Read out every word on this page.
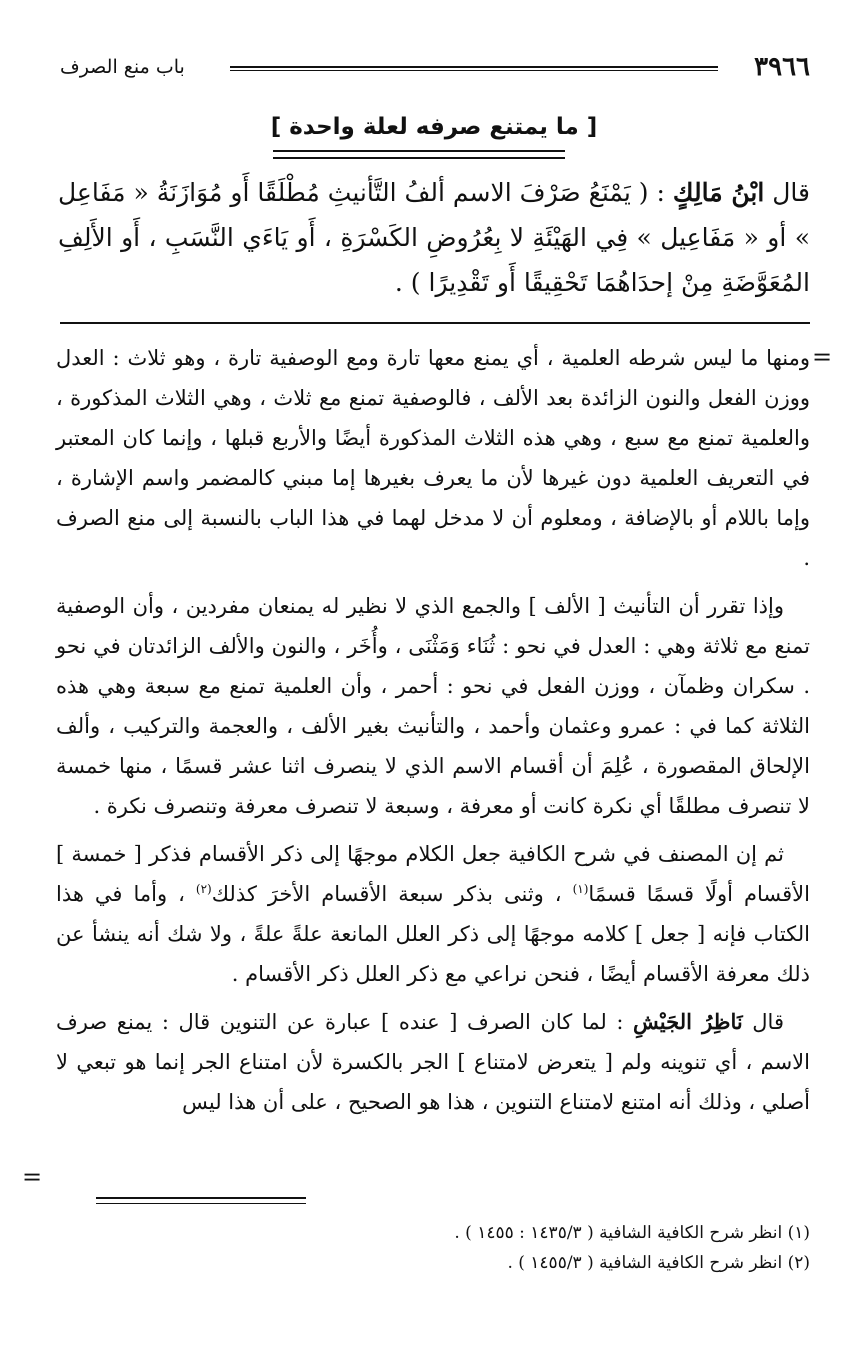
٣٩٦٦
باب منع الصرف
[ ما يمتنع صرفه لعلة واحدة ]
قال ابْنُ مَالِكٍ : ( يَمْنَعُ صَرْفَ الاسم ألفُ التَّأنيثِ مُطْلَقًا أَو مُوَازَنَةُ « مَفَاعِل » أو « مَفَاعِيل » فِي الهَيْئَةِ لا بِعُرُوضِ الكَسْرَةِ ، أَو يَاءَي النَّسَبِ ، أَو الأَلِفِ المُعَوَّضَةِ مِنْ إحدَاهُمَا تَحْقِيقًا أَو تَقْدِيرًا ) .
=

ومنها ما ليس شرطه العلمية ، أي يمنع معها تارة ومع الوصفية تارة ، وهو ثلاث : العدل ووزن الفعل والنون الزائدة بعد الألف ، فالوصفية تمنع مع ثلاث ، وهي الثلاث المذكورة ، والعلمية تمنع مع سبع ، وهي هذه الثلاث المذكورة أيضًا والأربع قبلها ، وإنما كان المعتبر في التعريف العلمية دون غيرها لأن ما يعرف بغيرها إما مبني كالمضمر واسم الإشارة ، وإما باللام أو بالإضافة ، ومعلوم أن لا مدخل لهما في هذا الباب بالنسبة إلى منع الصرف .

وإذا تقرر أن التأنيث [ الألف ] والجمع الذي لا نظير له يمنعان مفردين ، وأن الوصفية تمنع مع ثلاثة وهي : العدل في نحو : ثُنَاء وَمَثْنَى ، وأُخَر ، والنون والألف الزائدتان في نحو . سكران وظمآن ، ووزن الفعل في نحو : أحمر ، وأن العلمية تمنع مع سبعة وهي هذه الثلاثة كما في : عمرو وعثمان وأحمد ، والتأنيث بغير الألف ، والعجمة والتركيب ، وألف الإلحاق المقصورة ، عُلِمَ أن أقسام الاسم الذي لا ينصرف اثنا عشر قسمًا ، منها خمسة لا تنصرف مطلقًا أي نكرة كانت أو معرفة ، وسبعة لا تنصرف معرفة وتنصرف نكرة .

ثم إن المصنف في شرح الكافية جعل الكلام موجهًا إلى ذكر الأقسام فذكر [ خمسة ] الأقسام أولًا قسمًا قسمًا$^{(١)}$ ، وثنى بذكر سبعة الأقسام الأخرَ كذلك$^{(٢)}$ ، وأما في هذا الكتاب فإنه [ جعل ] كلامه موجهًا إلى ذكر العلل المانعة علةً علةً ، ولا شك أنه ينشأ عن ذلك معرفة الأقسام أيضًا ، فنحن نراعي مع ذكر العلل ذكر الأقسام .

قال نَاظِرُ الجَيْشِ : لما كان الصرف [ عنده ] عبارة عن التنوين قال : يمنع صرف الاسم ، أي تنوينه ولم [ يتعرض لامتناع ] الجر بالكسرة لأن امتناع الجر إنما هو تبعي لا أصلي ، وذلك أنه امتنع لامتناع التنوين ، هذا هو الصحيح ، على أن هذا ليس

=
(١) انظر شرح الكافية الشافية ( ١٤٣٥/٣ : ١٤٥٥ ) .
(٢) انظر شرح الكافية الشافية ( ١٤٥٥/٣ ) .
